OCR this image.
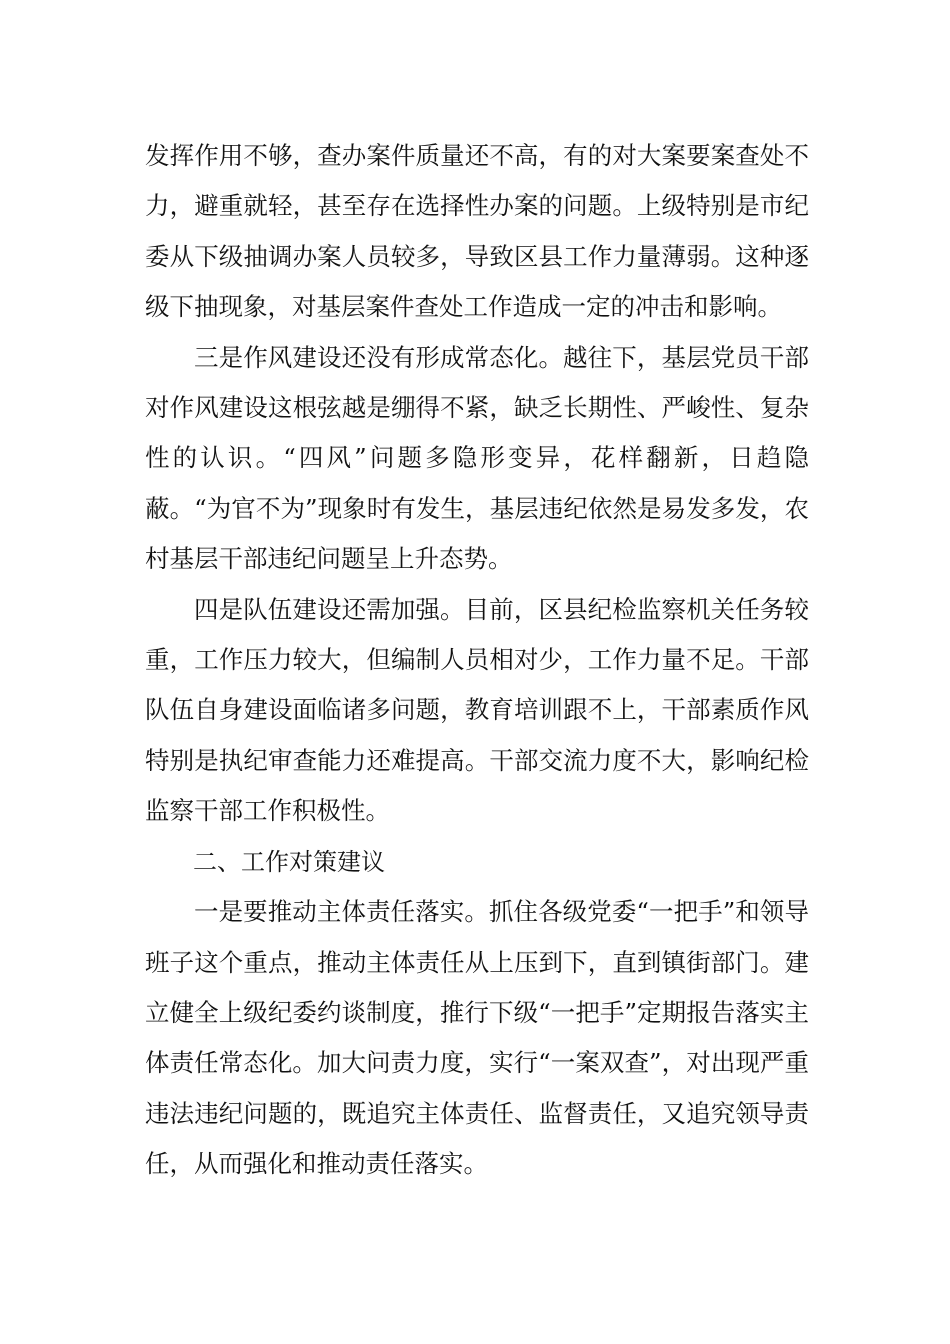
发挥作用不够，查办案件质量还不高，有的对大案要案查处不力，避重就轻，甚至存在选择性办案的问题。上级特别是市纪委从下级抽调办案人员较多，导致区县工作力量薄弱。这种逐级下抽现象，对基层案件查处工作造成一定的冲击和影响。

三是作风建设还没有形成常态化。越往下，基层党员干部对作风建设这根弦越是绷得不紧，缺乏长期性、严峻性、复杂性的认识。“四风”问题多隐形变异，花样翻新，日趋隐蔽。“为官不为”现象时有发生，基层违纪依然是易发多发，农村基层干部违纪问题呈上升态势。

四是队伍建设还需加强。目前，区县纪检监察机关任务较重，工作压力较大，但编制人员相对少，工作力量不足。干部队伍自身建设面临诸多问题，教育培训跟不上，干部素质作风特别是执纪审查能力还难提高。干部交流力度不大，影响纪检监察干部工作积极性。

二、工作对策建议

一是要推动主体责任落实。抓住各级党委“一把手”和领导班子这个重点，推动主体责任从上压到下，直到镇街部门。建立健全上级纪委约谈制度，推行下级“一把手”定期报告落实主体责任常态化。加大问责力度，实行“一案双查”，对出现严重违法违纪问题的，既追究主体责任、监督责任，又追究领导责任，从而强化和推动责任落实。
